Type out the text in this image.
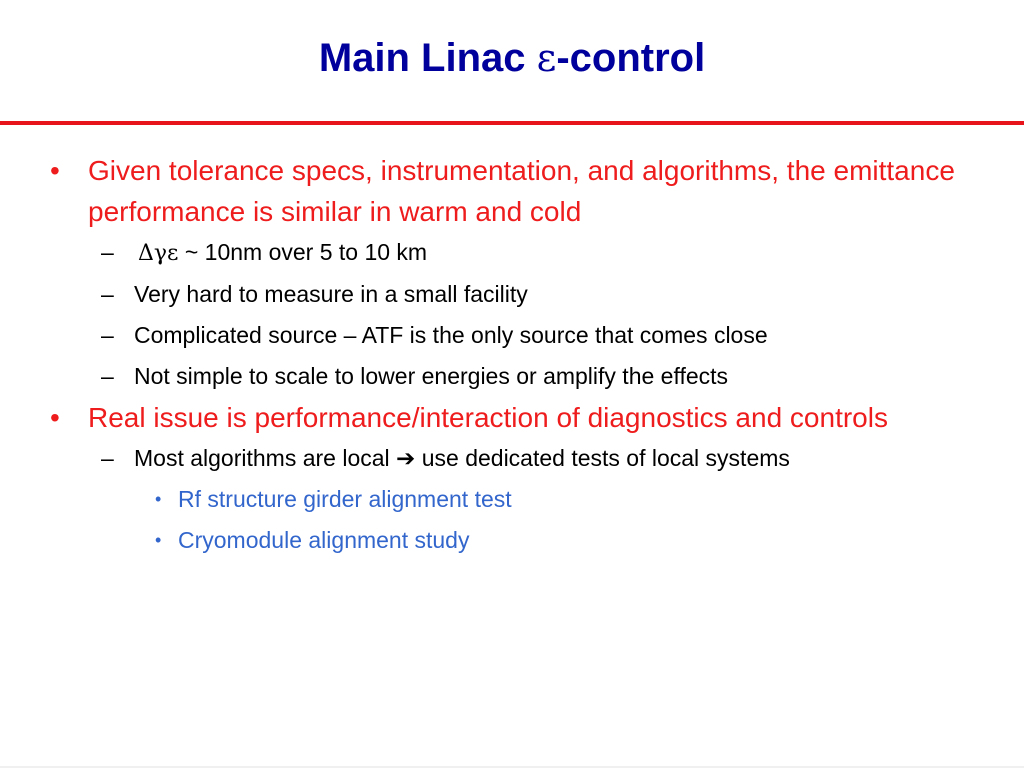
Main Linac ε-control
• Given tolerance specs, instrumentation, and algorithms, the emittance performance is similar in warm and cold
– Δγε ~ 10nm over 5 to 10 km
– Very hard to measure in a small facility
– Complicated source – ATF is the only source that comes close
– Not simple to scale to lower energies or amplify the effects
• Real issue is performance/interaction of diagnostics and controls
– Most algorithms are local ➔ use dedicated tests of local systems
• Rf structure girder alignment test
• Cryomodule alignment study
